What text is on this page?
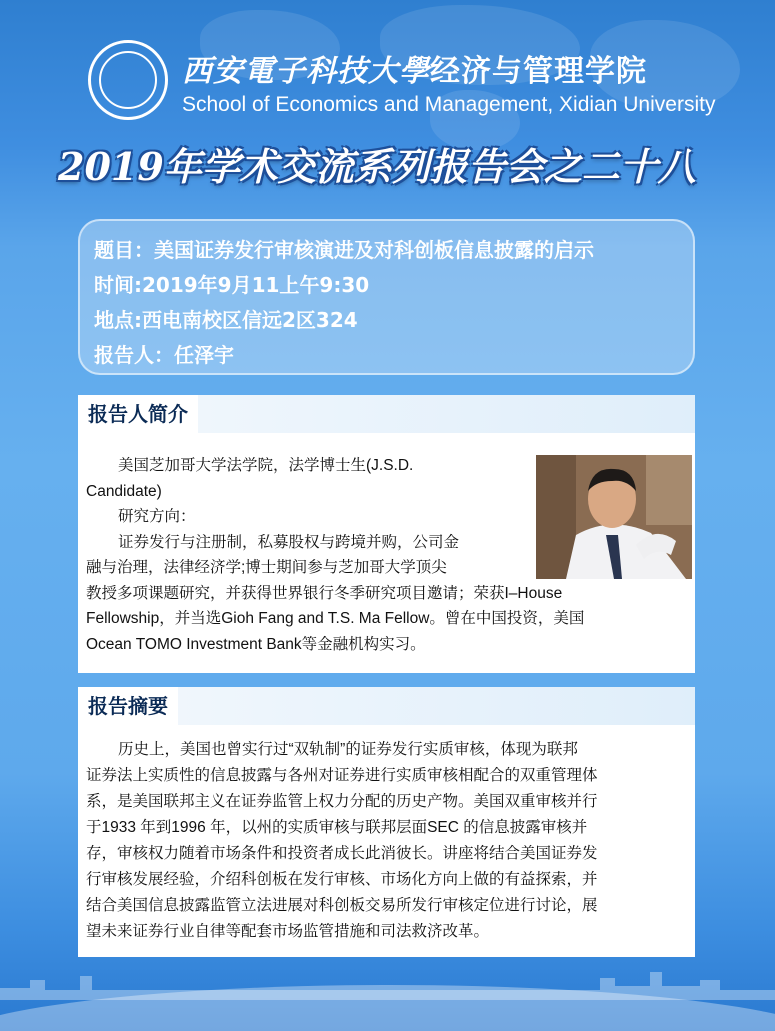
西安電子科技大學经济与管理学院
School of Economics and Management, Xidian University
2019年学术交流系列报告会之二十八
题目：美国证券发行审核演进及对科创板信息披露的启示
时间:2019年9月11上午9:30
地点:西电南校区信远2区324
报告人：任泽宇
报告人简介

美国芝加哥大学法学院，法学博士生(J.S.D.

Candidate)

研究方向：

证券发行与注册制，私募股权与跨境并购，公司金

融与治理，法律经济学;博士期间参与芝加哥大学顶尖

教授多项课题研究，并获得世界银行冬季研究项目邀请；荣获I–House

Fellowship，并当选Gioh Fang and T.S. Ma Fellow。曾在中国投资，美国

Ocean TOMO Investment Bank等金融机构实习。

报告摘要

历史上，美国也曾实行过“双轨制”的证券发行实质审核，体现为联邦

证券法上实质性的信息披露与各州对证券进行实质审核相配合的双重管理体

系，是美国联邦主义在证券监管上权力分配的历史产物。美国双重审核并行

于1933 年到1996 年，以州的实质审核与联邦层面SEC 的信息披露审核并

存，审核权力随着市场条件和投资者成长此消彼长。讲座将结合美国证券发

行审核发展经验，介绍科创板在发行审核、市场化方向上做的有益探索，并

结合美国信息披露监管立法进展对科创板交易所发行审核定位进行讨论，展

望未来证券行业自律等配套市场监管措施和司法救济改革。
